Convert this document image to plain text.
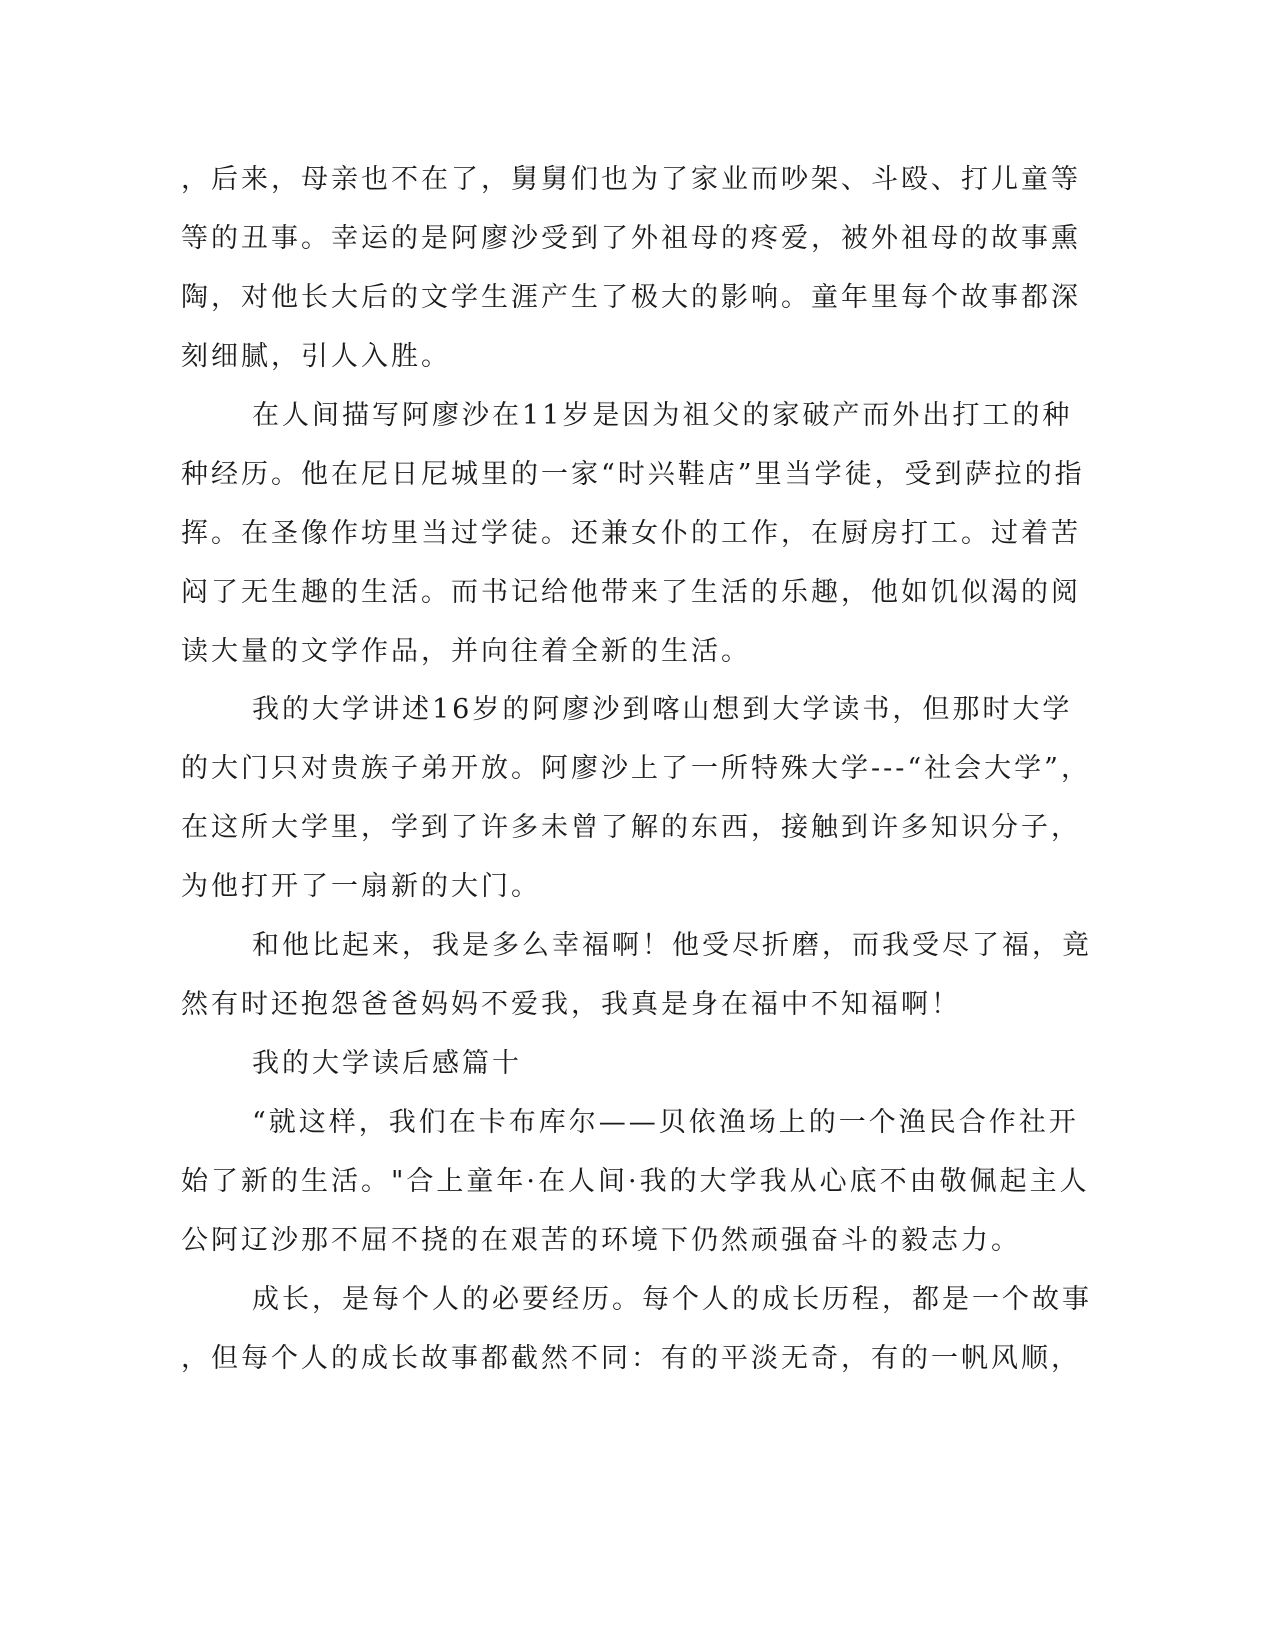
，后来，母亲也不在了，舅舅们也为了家业而吵架、斗殴、打儿童等
等的丑事。幸运的是阿廖沙受到了外祖母的疼爱，被外祖母的故事熏
陶，对他长大后的文学生涯产生了极大的影响。童年里每个故事都深
刻细腻，引人入胜。
在人间描写阿廖沙在11岁是因为祖父的家破产而外出打工的种
种经历。他在尼日尼城里的一家“时兴鞋店”里当学徒，受到萨拉的指
挥。在圣像作坊里当过学徒。还兼女仆的工作，在厨房打工。过着苦
闷了无生趣的生活。而书记给他带来了生活的乐趣，他如饥似渴的阅
读大量的文学作品，并向往着全新的生活。
我的大学讲述16岁的阿廖沙到喀山想到大学读书，但那时大学
的大门只对贵族子弟开放。阿廖沙上了一所特殊大学---“社会大学”，
在这所大学里，学到了许多未曾了解的东西，接触到许多知识分子，
为他打开了一扇新的大门。
和他比起来，我是多么幸福啊！他受尽折磨，而我受尽了福，竟
然有时还抱怨爸爸妈妈不爱我，我真是身在福中不知福啊！
我的大学读后感篇十
“就这样，我们在卡布库尔——贝依渔场上的一个渔民合作社开
始了新的生活。"合上童年·在人间·我的大学我从心底不由敬佩起主人
公阿辽沙那不屈不挠的在艰苦的环境下仍然顽强奋斗的毅志力。
成长，是每个人的必要经历。每个人的成长历程，都是一个故事
，但每个人的成长故事都截然不同：有的平淡无奇，有的一帆风顺，
